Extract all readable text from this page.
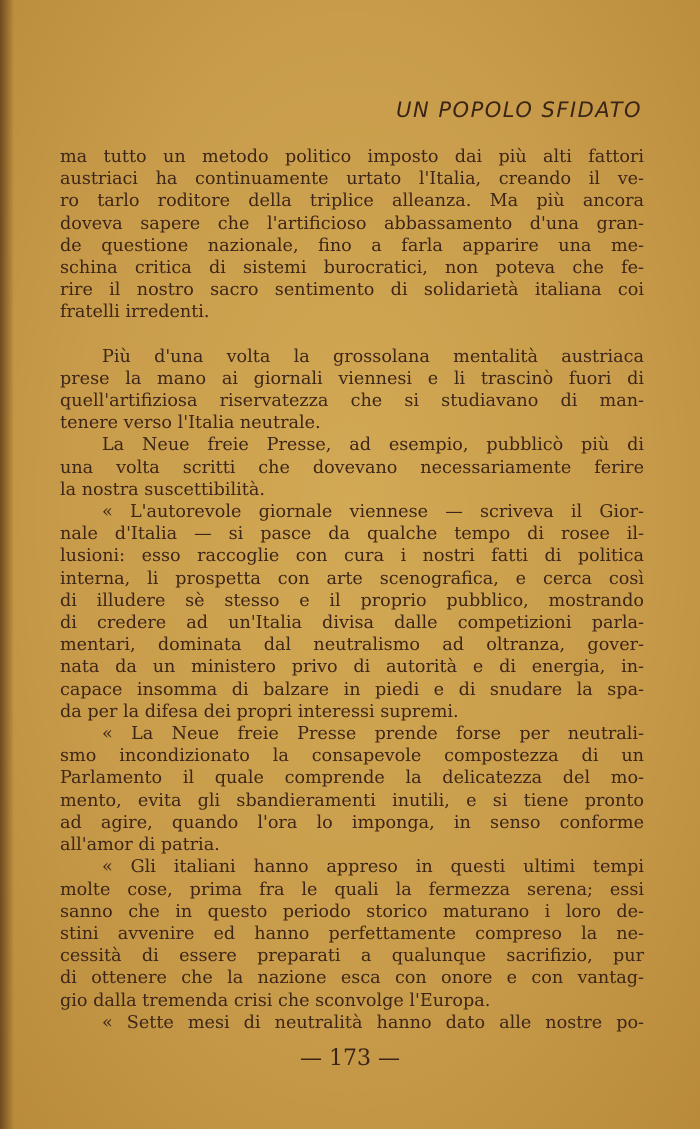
UN POPOLO SFIDATO
ma tutto un metodo politico imposto dai più alti fattori
austriaci ha continuamente urtato l'Italia, creando il ve-
ro tarlo roditore della triplice alleanza. Ma più ancora
doveva sapere che l'artificioso abbassamento d'una gran-
de questione nazionale, fino a farla apparire una me-
schina critica di sistemi burocratici, non poteva che fe-
rire il nostro sacro sentimento di solidarietà italiana coi
fratelli irredenti.
Più d'una volta la grossolana mentalità austriaca
prese la mano ai giornali viennesi e li trascinò fuori di
quell'artifiziosa riservatezza che si studiavano di man-
tenere verso l'Italia neutrale.
La Neue freie Presse, ad esempio, pubblicò più di
una volta scritti che dovevano necessariamente ferire
la nostra suscettibilità.
« L'autorevole giornale viennese — scriveva il Gior-
nale d'Italia — si pasce da qualche tempo di rosee il-
lusioni: esso raccoglie con cura i nostri fatti di politica
interna, li prospetta con arte scenografica, e cerca così
di illudere sè stesso e il proprio pubblico, mostrando
di credere ad un'Italia divisa dalle competizioni parla-
mentari, dominata dal neutralismo ad oltranza, gover-
nata da un ministero privo di autorità e di energia, in-
capace insomma di balzare in piedi e di snudare la spa-
da per la difesa dei propri interessi supremi.
« La Neue freie Presse prende forse per neutrali-
smo incondizionato la consapevole compostezza di un
Parlamento il quale comprende la delicatezza del mo-
mento, evita gli sbandieramenti inutili, e si tiene pronto
ad agire, quando l'ora lo imponga, in senso conforme
all'amor di patria.
« Gli italiani hanno appreso in questi ultimi tempi
molte cose, prima fra le quali la fermezza serena; essi
sanno che in questo periodo storico maturano i loro de-
stini avvenire ed hanno perfettamente compreso la ne-
cessità di essere preparati a qualunque sacrifizio, pur
di ottenere che la nazione esca con onore e con vantag-
gio dalla tremenda crisi che sconvolge l'Europa.
« Sette mesi di neutralità hanno dato alle nostre po-
— 173 —
